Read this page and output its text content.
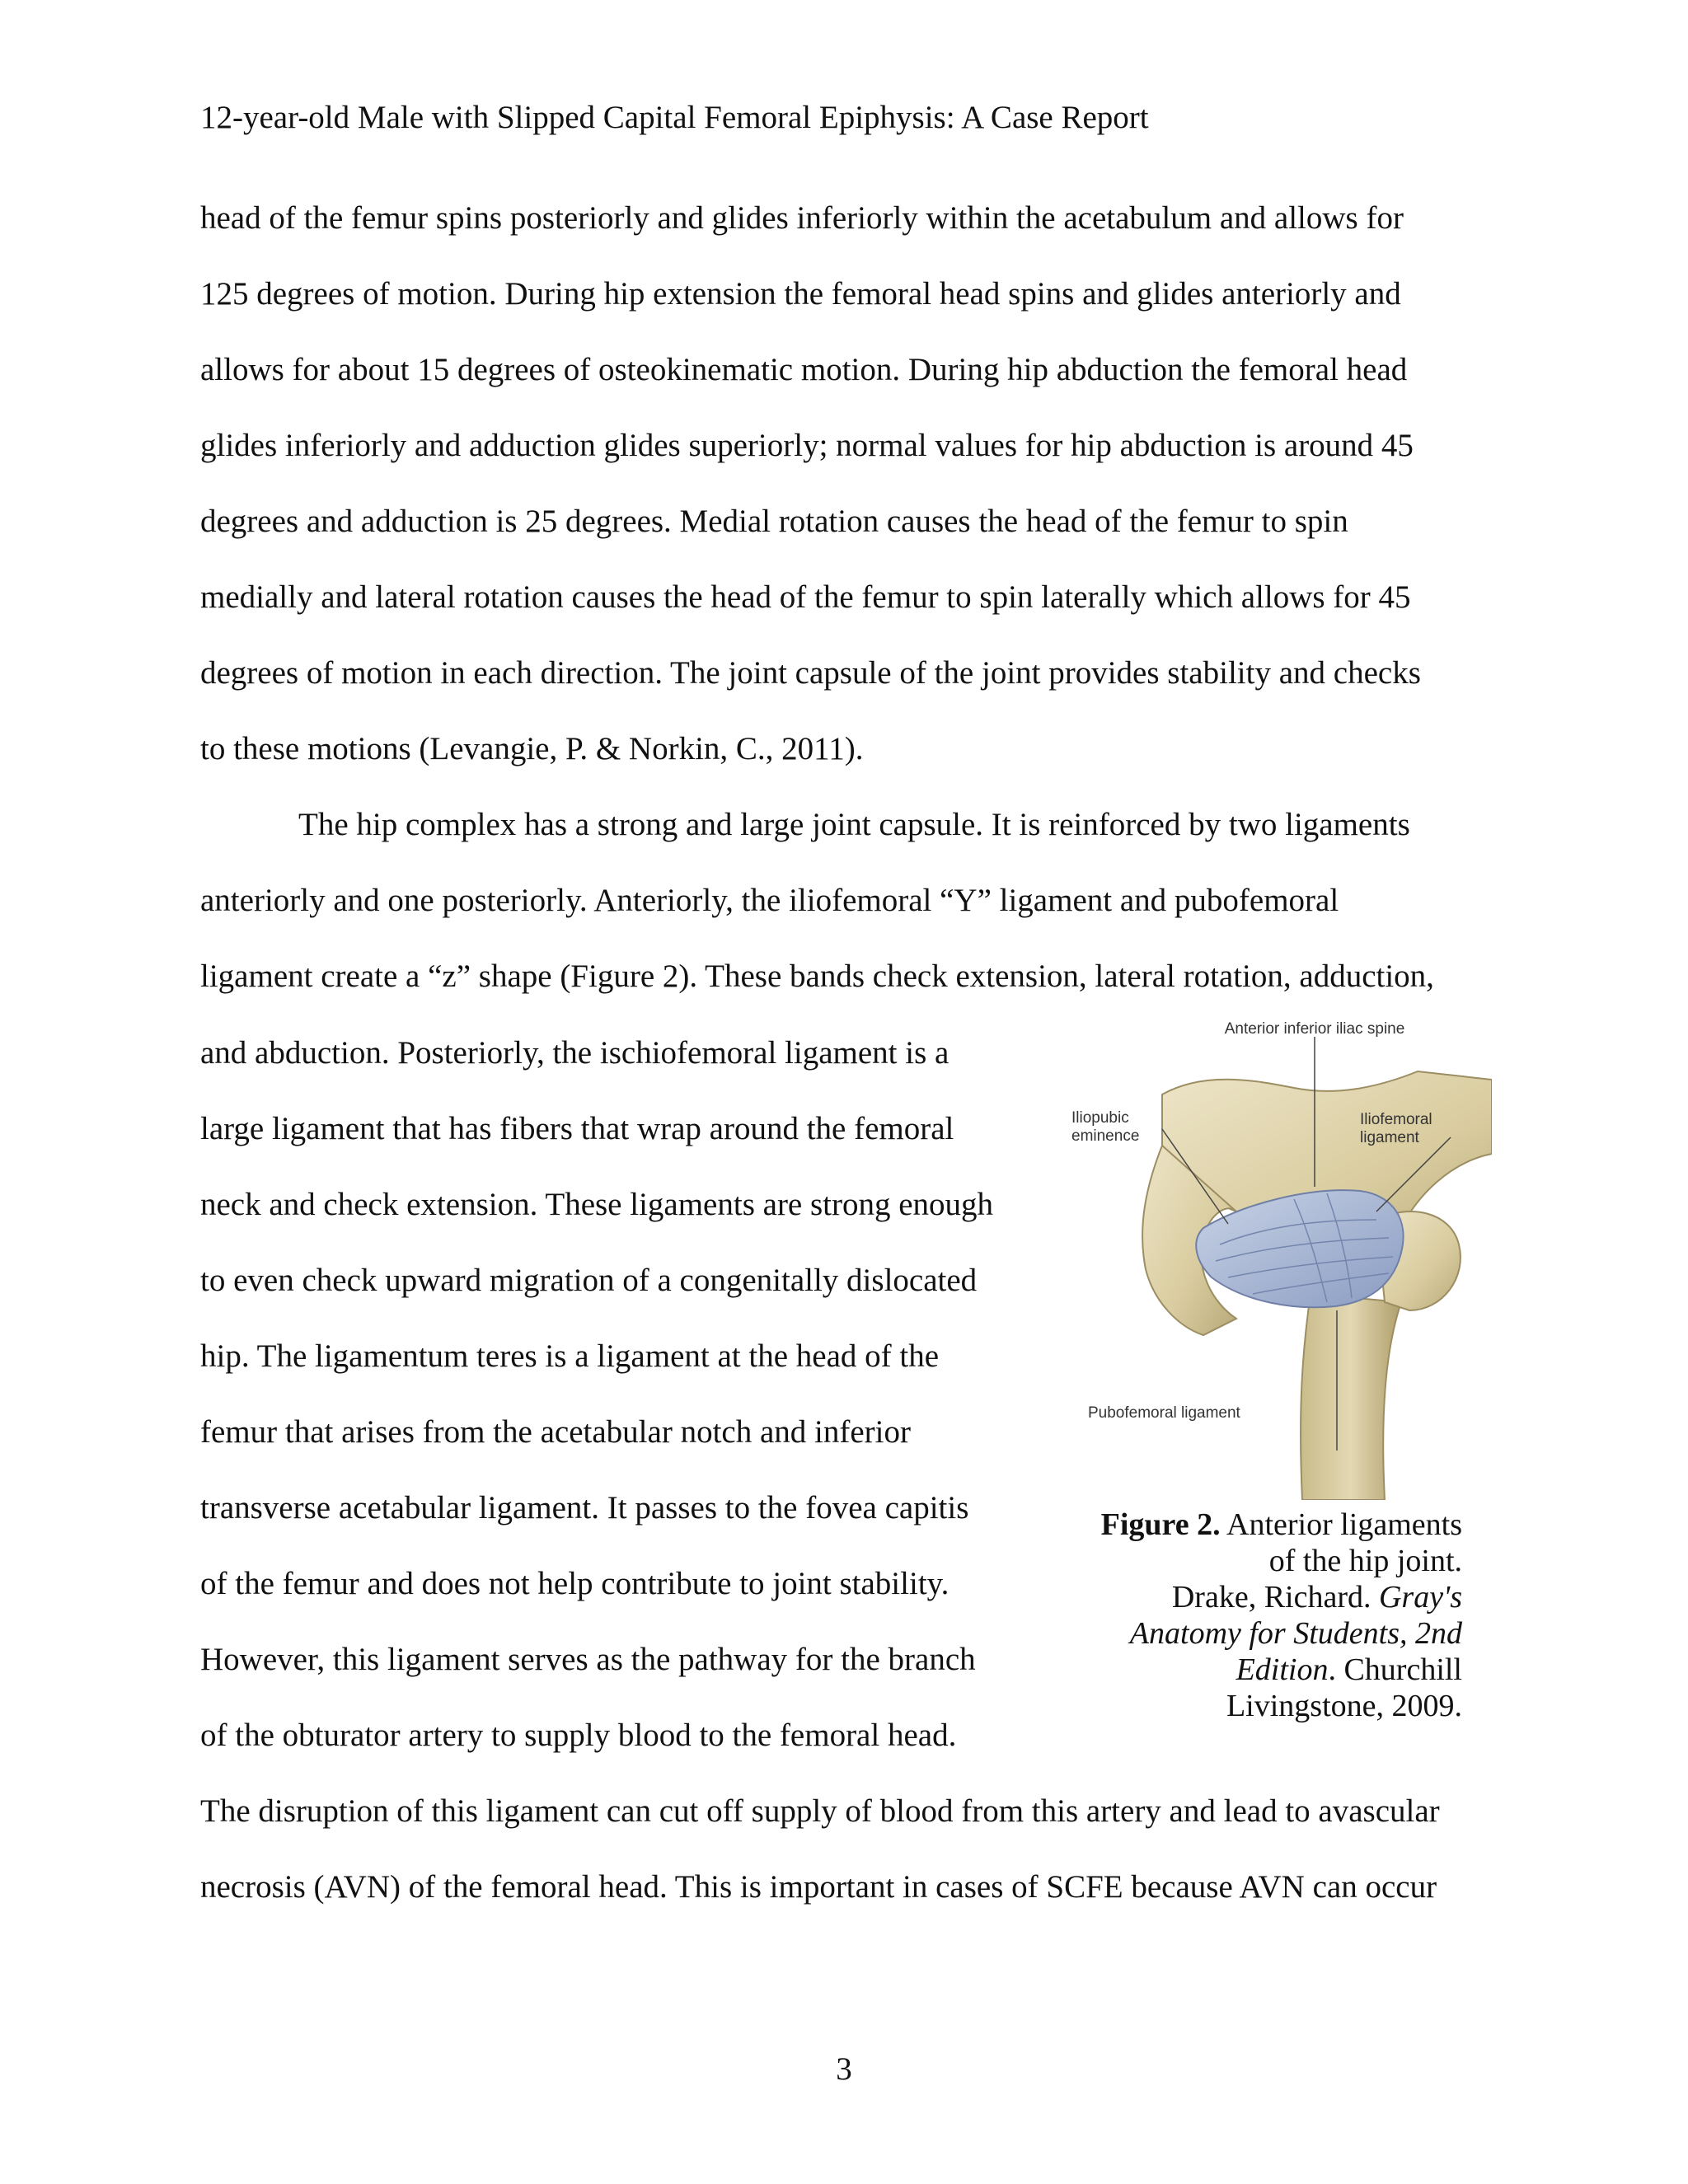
12-year-old Male with Slipped Capital Femoral Epiphysis: A Case Report
head of the femur spins posteriorly and glides inferiorly within the acetabulum and allows for
125 degrees of motion. During hip extension the femoral head spins and glides anteriorly and
allows for about 15 degrees of osteokinematic motion. During hip abduction the femoral head
glides inferiorly and adduction glides superiorly; normal values for hip abduction is around 45
degrees and adduction is 25 degrees. Medial rotation causes the head of the femur to spin
medially and lateral rotation causes the head of the femur to spin laterally which allows for 45
degrees of motion in each direction. The joint capsule of the joint provides stability and checks
to these motions (Levangie, P. & Norkin, C., 2011).
The hip complex has a strong and large joint capsule. It is reinforced by two ligaments
anteriorly and one posteriorly. Anteriorly, the iliofemoral “Y” ligament and pubofemoral
ligament create a “z” shape (Figure 2). These bands check extension, lateral rotation, adduction,
and abduction. Posteriorly, the ischiofemoral ligament is a
large ligament that has fibers that wrap around the femoral
neck and check extension. These ligaments are strong enough
to even check upward migration of a congenitally dislocated
hip. The ligamentum teres is a ligament at the head of the
femur that arises from the acetabular notch and inferior
transverse acetabular ligament. It passes to the fovea capitis
of the femur and does not help contribute to joint stability.
However, this ligament serves as the pathway for the branch
of the obturator artery to supply blood to the femoral head.
The disruption of this ligament can cut off supply of blood from this artery and lead to avascular
necrosis (AVN) of the femoral head. This is important in cases of SCFE because AVN can occur
Anterior inferior iliac spine
Iliopubic
eminence
Iliofemoral
ligament
Pubofemoral ligament
Figure 2. Anterior ligaments
of the hip joint.
Drake, Richard. Gray's
Anatomy for Students, 2nd
Edition. Churchill
Livingstone, 2009.
3
